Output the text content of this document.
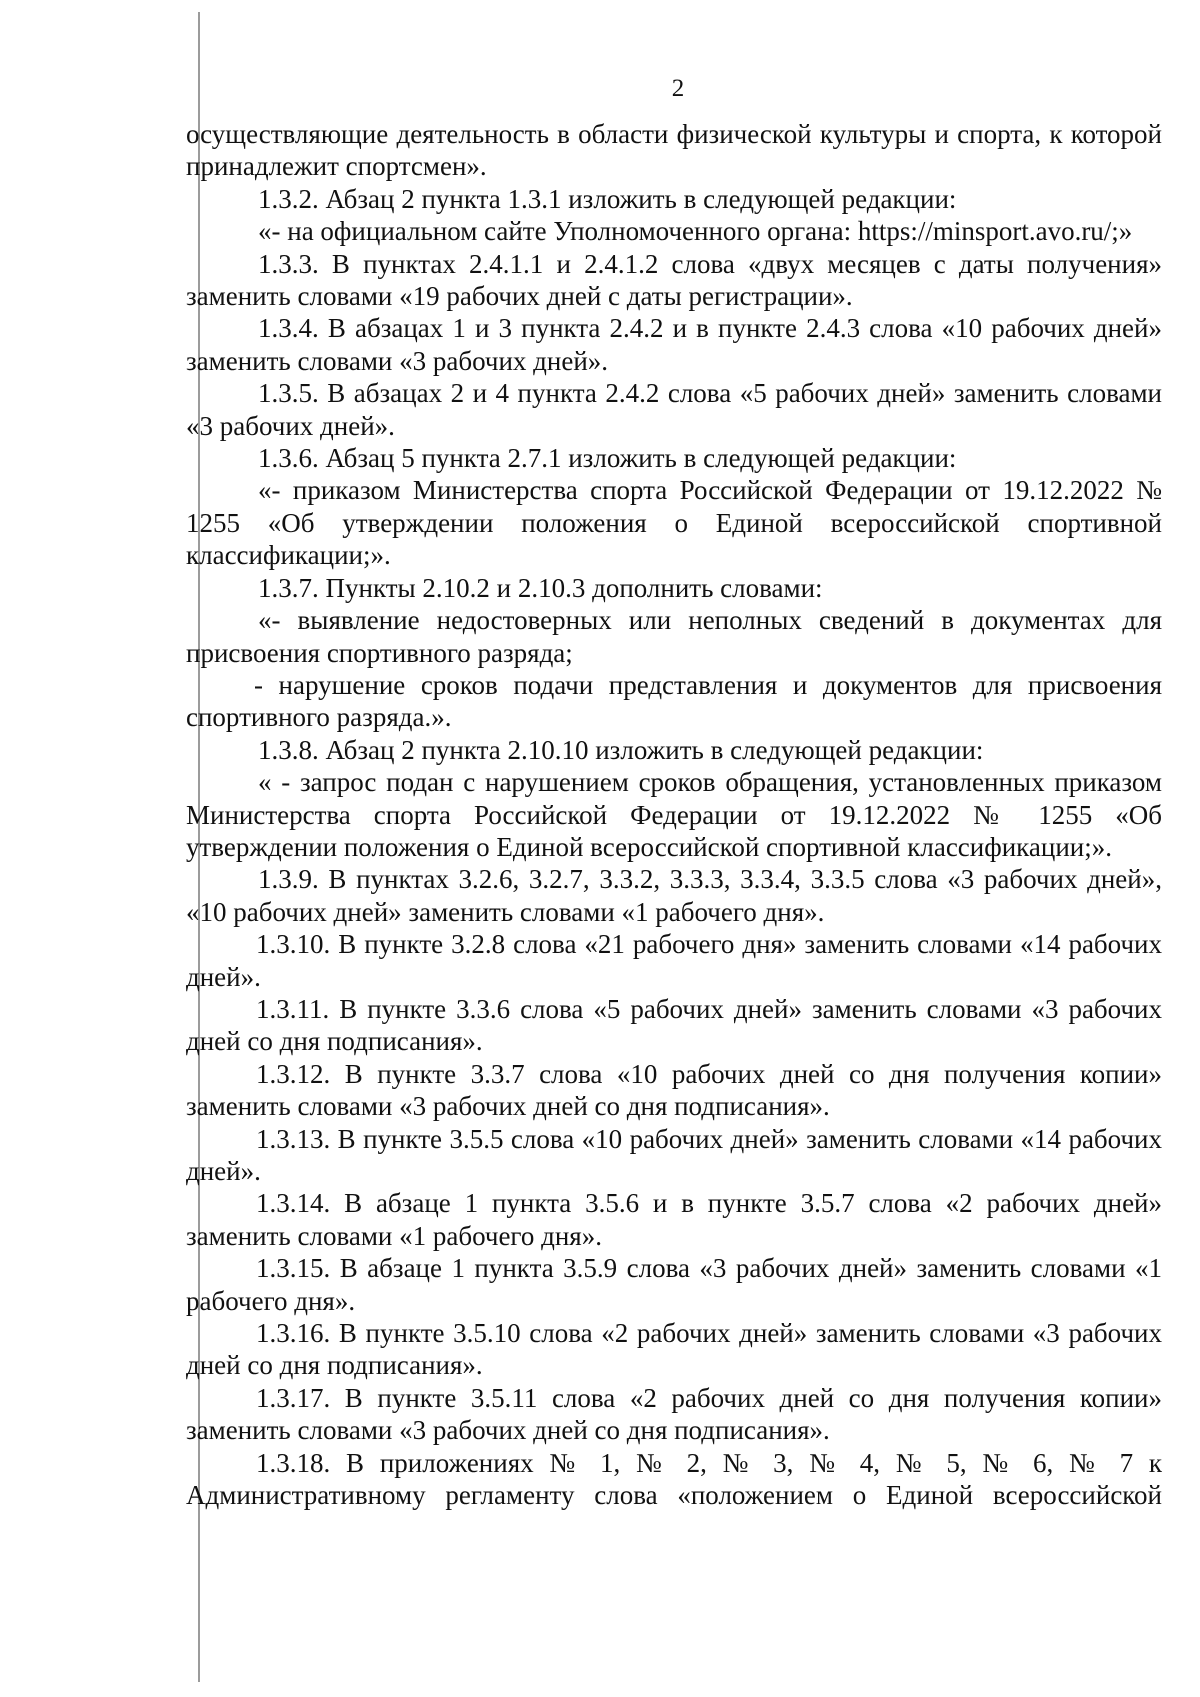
2

осуществляющие деятельность в области физической культуры и спорта, к которой принадлежит спортсмен».

1.3.2. Абзац 2 пункта 1.3.1 изложить в следующей редакции:

«- на официальном сайте Уполномоченного органа: https://minsport.avo.ru/;»

1.3.3. В пунктах 2.4.1.1 и 2.4.1.2 слова «двух месяцев с даты получения» заменить словами «19 рабочих дней с даты регистрации».

1.3.4. В абзацах 1 и 3 пункта 2.4.2 и в пункте 2.4.3 слова «10 рабочих дней» заменить словами «3 рабочих дней».

1.3.5. В абзацах 2 и 4 пункта 2.4.2 слова «5 рабочих дней» заменить словами «3 рабочих дней».

1.3.6. Абзац 5 пункта 2.7.1 изложить в следующей редакции:

«- приказом Министерства спорта Российской Федерации от 19.12.2022 № 1255 «Об утверждении положения о Единой всероссийской спортивной классификации;».

1.3.7. Пункты 2.10.2 и 2.10.3 дополнить словами:

«- выявление недостоверных или неполных сведений в документах для присвоения спортивного разряда;

- нарушение сроков подачи представления и документов для присвоения спортивного разряда.».

1.3.8. Абзац 2 пункта 2.10.10 изложить в следующей редакции:

« - запрос подан с нарушением сроков обращения, установленных приказом Министерства спорта Российской Федерации от 19.12.2022 № 1255 «Об утверждении положения о Единой всероссийской спортивной классификации;».

1.3.9. В пунктах 3.2.6, 3.2.7, 3.3.2, 3.3.3, 3.3.4, 3.3.5 слова «3 рабочих дней», «10 рабочих дней» заменить словами «1 рабочего дня».

1.3.10. В пункте 3.2.8 слова «21 рабочего дня» заменить словами «14 рабочих дней».

1.3.11. В пункте 3.3.6 слова «5 рабочих дней» заменить словами «3 рабочих дней со дня подписания».

1.3.12. В пункте 3.3.7 слова «10 рабочих дней со дня получения копии» заменить словами «3 рабочих дней со дня подписания».

1.3.13. В пункте 3.5.5 слова «10 рабочих дней» заменить словами «14 рабочих дней».

1.3.14. В абзаце 1 пункта 3.5.6 и в пункте 3.5.7 слова «2 рабочих дней» заменить словами «1 рабочего дня».

1.3.15. В абзаце 1 пункта 3.5.9 слова «3 рабочих дней» заменить словами «1 рабочего дня».

1.3.16. В пункте 3.5.10 слова «2 рабочих дней» заменить словами «3 рабочих дней со дня подписания».

1.3.17. В пункте 3.5.11 слова «2 рабочих дней со дня получения копии» заменить словами «3 рабочих дней со дня подписания».

1.3.18. В приложениях № 1, № 2, № 3, № 4, № 5, № 6, № 7 к Административному регламенту слова «положением о Единой всероссийской
